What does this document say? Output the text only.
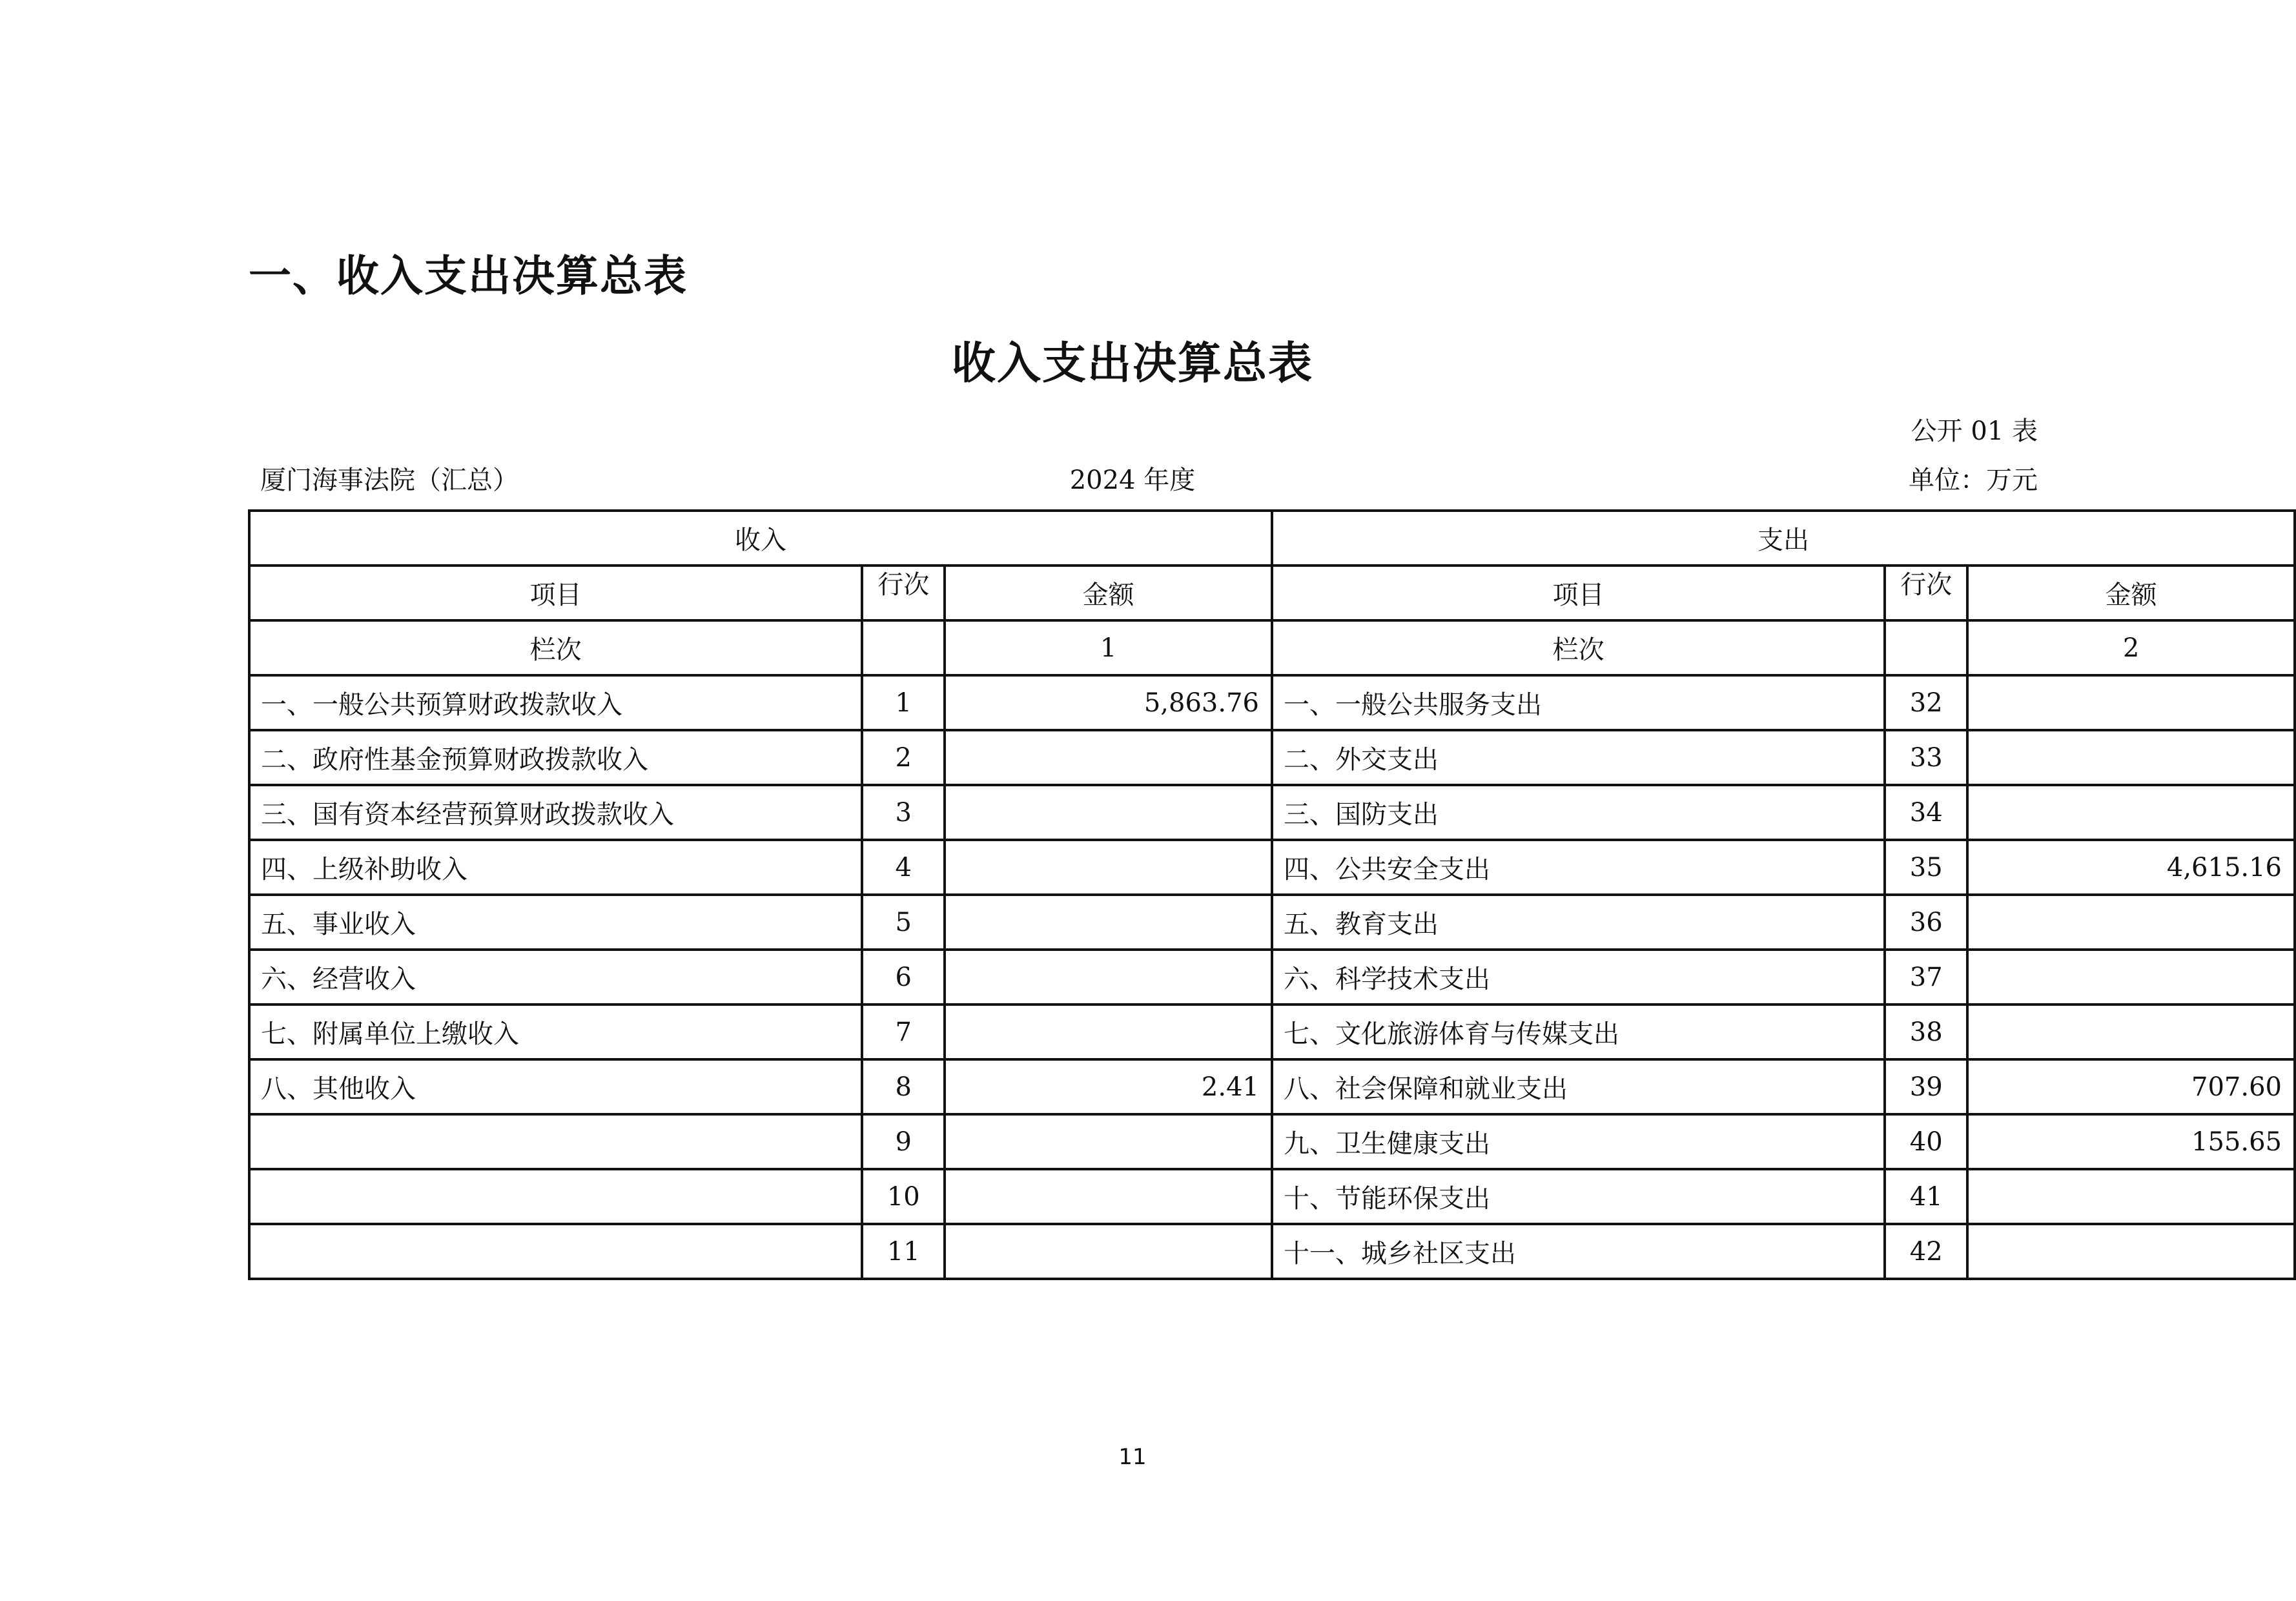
一、收入支出决算总表
收入支出决算总表
公开 01 表
厦门海事法院（汇总）	2024 年度	单位：万元
收入			支出		
项目	行次	金额	项目	行次	金额
栏次		1	栏次		2
一、一般公共预算财政拨款收入	1	5,863.76	一、一般公共服务支出	32	
二、政府性基金预算财政拨款收入	2		二、外交支出	33	
三、国有资本经营预算财政拨款收入	3		三、国防支出	34	
四、上级补助收入	4		四、公共安全支出	35	4,615.16
五、事业收入	5		五、教育支出	36	
六、经营收入	6		六、科学技术支出	37	
七、附属单位上缴收入	7		七、文化旅游体育与传媒支出	38	
八、其他收入	8	2.41	八、社会保障和就业支出	39	707.60
	9		九、卫生健康支出	40	155.65
	10		十、节能环保支出	41	
	11		十一、城乡社区支出	42	
11
